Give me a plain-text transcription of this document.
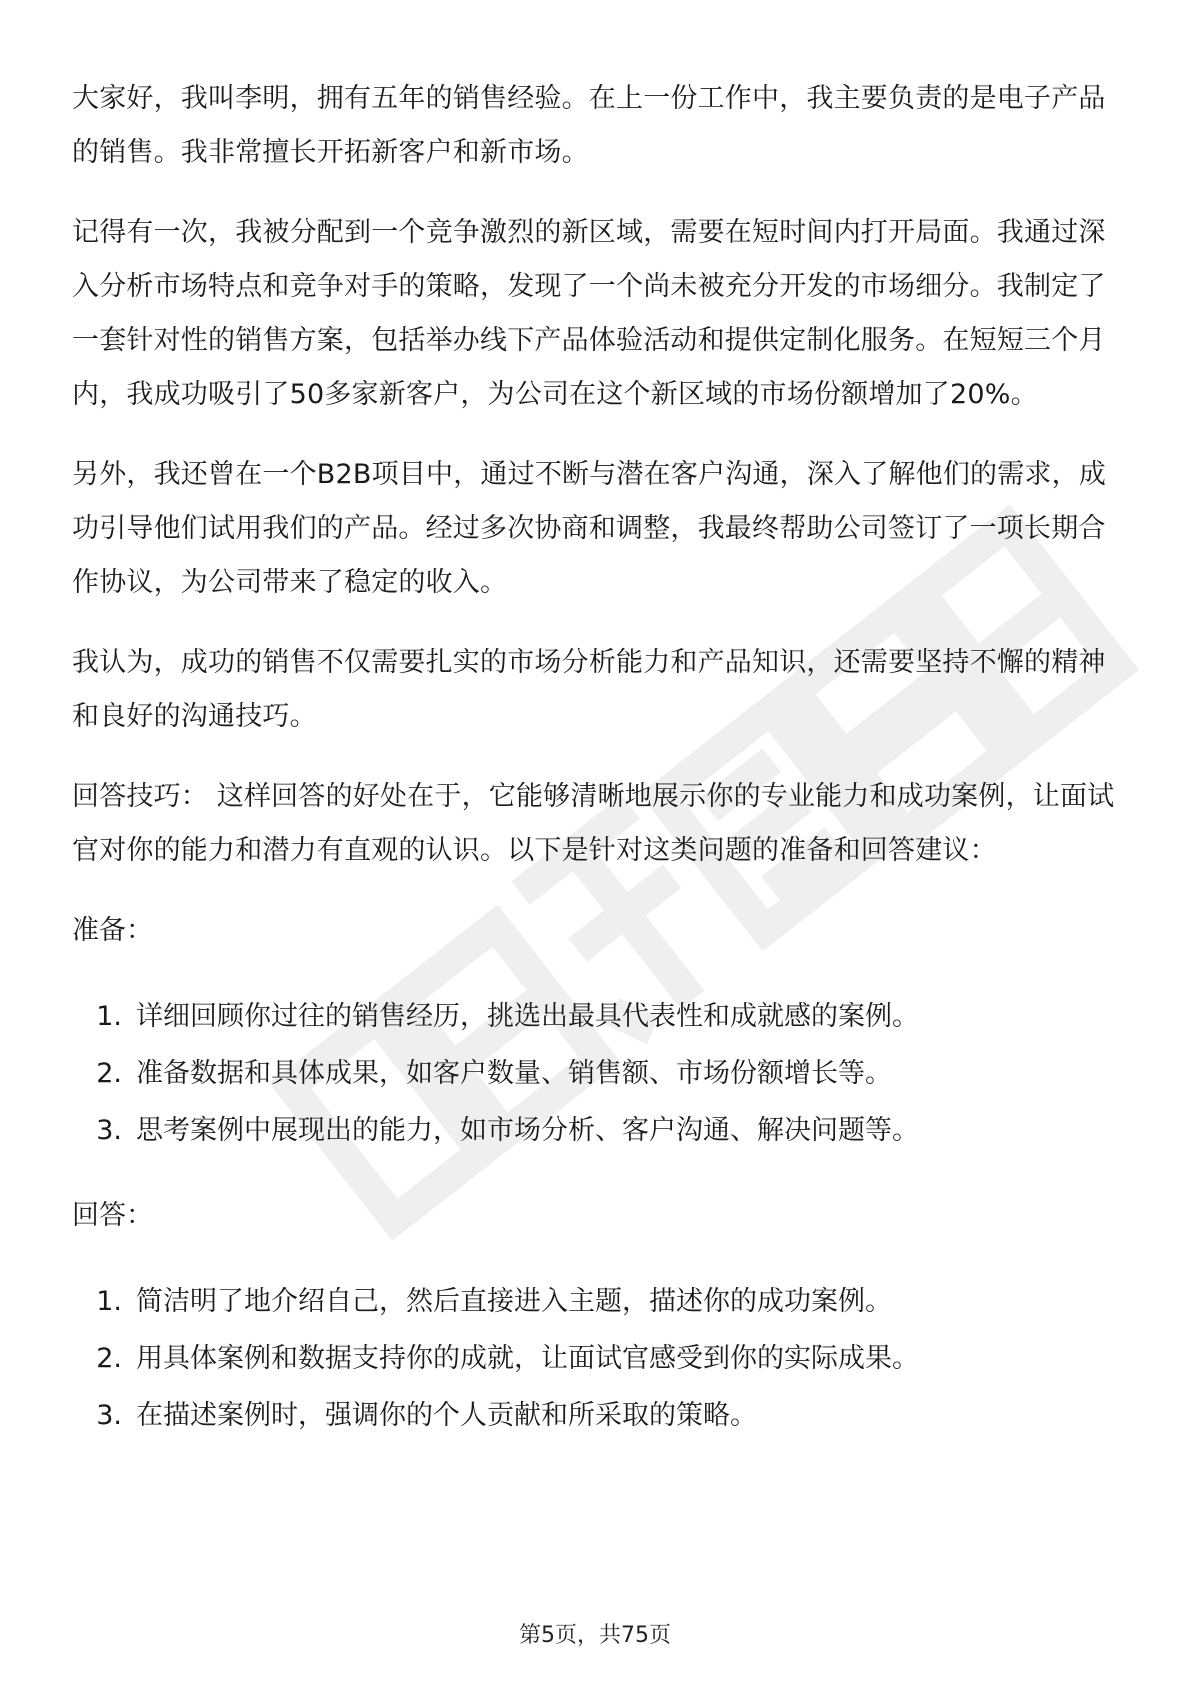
大家好，我叫李明，拥有五年的销售经验。在上一份工作中，我主要负责的是电子产品的销售。我非常擅长开拓新客户和新市场。

记得有一次，我被分配到一个竞争激烈的新区域，需要在短时间内打开局面。我通过深入分析市场特点和竞争对手的策略，发现了一个尚未被充分开发的市场细分。我制定了一套针对性的销售方案，包括举办线下产品体验活动和提供定制化服务。在短短三个月内，我成功吸引了50多家新客户，为公司在这个新区域的市场份额增加了20%。

另外，我还曾在一个B2B项目中，通过不断与潜在客户沟通，深入了解他们的需求，成功引导他们试用我们的产品。经过多次协商和调整，我最终帮助公司签订了一项长期合作协议，为公司带来了稳定的收入。

我认为，成功的销售不仅需要扎实的市场分析能力和产品知识，还需要坚持不懈的精神和良好的沟通技巧。

回答技巧： 这样回答的好处在于，它能够清晰地展示你的专业能力和成功案例，让面试官对你的能力和潜力有直观的认识。以下是针对这类问题的准备和回答建议：

准备：
1. 详细回顾你过往的销售经历，挑选出最具代表性和成就感的案例。
2. 准备数据和具体成果，如客户数量、销售额、市场份额增长等。
3. 思考案例中展现出的能力，如市场分析、客户沟通、解决问题等。
回答：
1. 简洁明了地介绍自己，然后直接进入主题，描述你的成功案例。
2. 用具体案例和数据支持你的成就，让面试官感受到你的实际成果。
3. 在描述案例时，强调你的个人贡献和所采取的策略。
第5页，共75页
